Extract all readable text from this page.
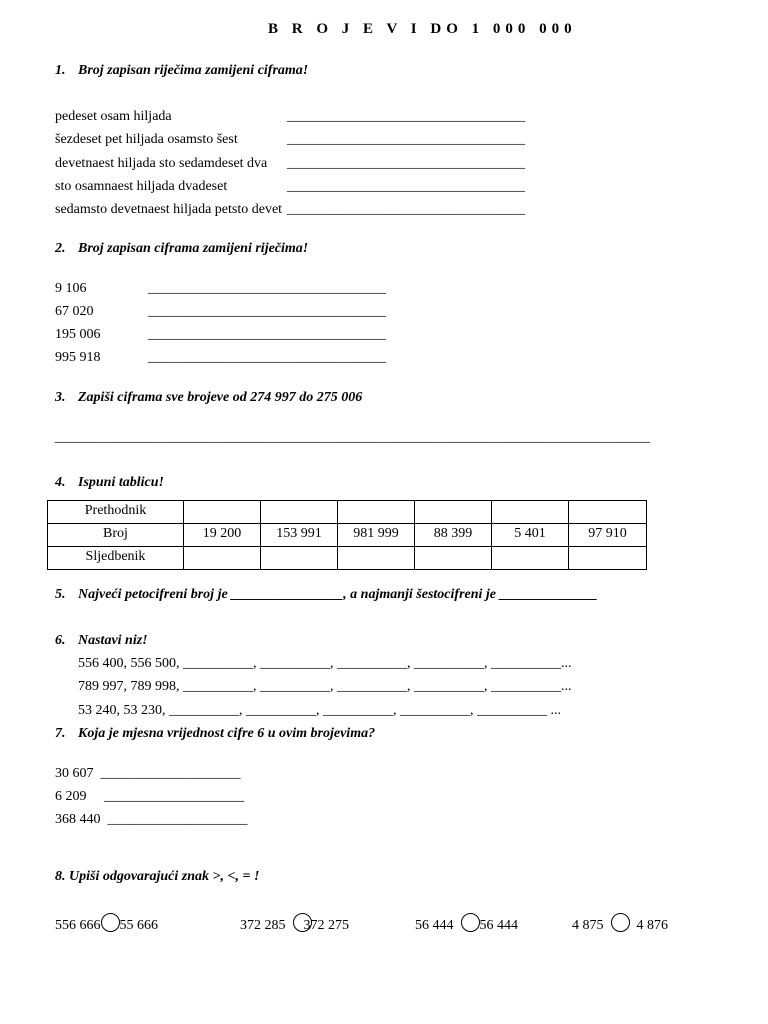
B R O J E V I DO 1 000 000
1. Broj zapisan riječima zamijeni ciframa!
pedeset osam hiljada
šezdeset pet hiljada osamsto šest
devetnaest hiljada sto sedamdeset dva
sto osamnaest hiljada dvadeset
sedamsto devetnaest hiljada petsto devet
__________________________________
__________________________________
__________________________________
__________________________________
__________________________________
2. Broj zapisan ciframa zamijeni riječima!
9 106
67 020
195 006
995 918
__________________________________
__________________________________
__________________________________
__________________________________
3. Zapiši ciframa sve brojeve od 274 997 do 275 006
_____________________________________________________________________________________
4. Ispuni tablicu!
Prethodnik						
Broj	19 200	153 991	981 999	88 399	5 401	97 910
Sljedbenik						
5. Najveći petocifreni broj je ________________, a najmanji šestocifreni je ______________
6. Nastavi niz!
556 400, 556 500, __________, __________, __________, __________, __________...
789 997, 789 998, __________, __________, __________, __________, __________...
53 240, 53 230, __________, __________, __________, __________, __________ ...
7. Koja je mjesna vrijednost cifre 6 u ovim brojevima?
30 607 ____________________
6 209 ____________________
368 440 ____________________
8. Upiši odgovarajući znak >, <, = !
556 666 55 666	372 285 372 275	56 444 56 444	4 875 4 876
